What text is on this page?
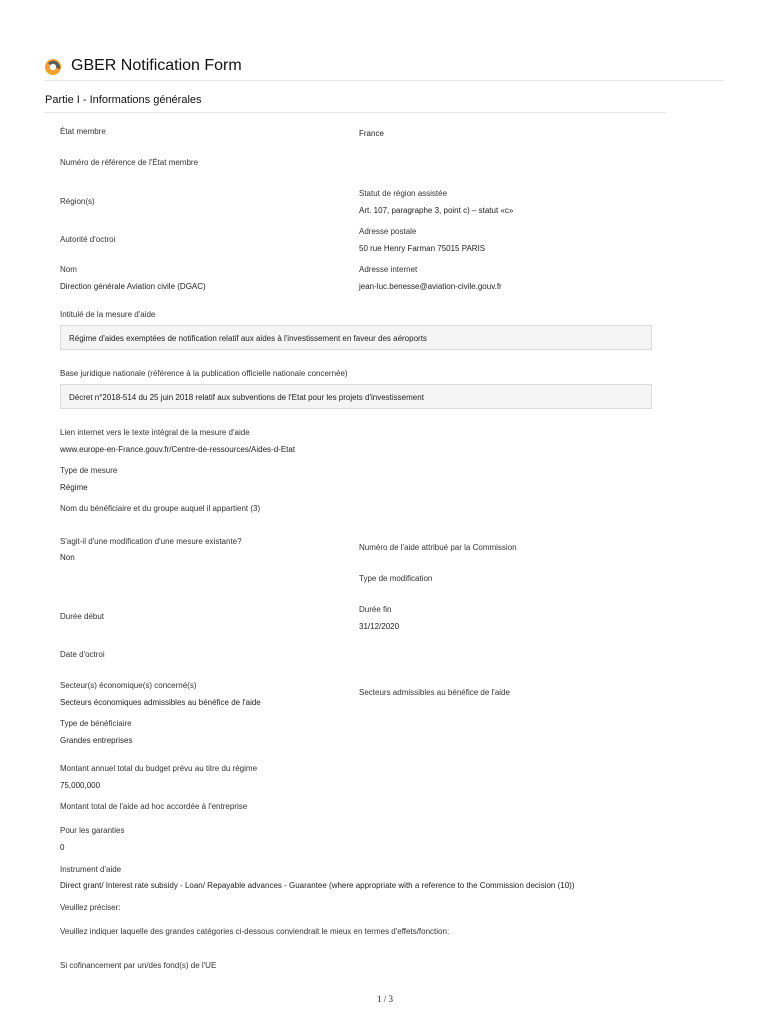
GBER Notification Form
Partie I - Informations générales
État membre	France
Numéro de référence de l'État membre
Région(s)
Statut de région assistée
Art. 107, paragraphe 3, point c) – statut «c»
Autorité d'octroi
Adresse postale
50 rue Henry Farman 75015 PARIS
Nom
Direction générale Aviation civile (DGAC)
Adresse internet
jean-luc.benesse@aviation-civile.gouv.fr
Intitulé de la mesure d'aide
Régime d'aides exemptées de notification relatif aux aides à l'investissement en faveur des aéroports
Base juridique nationale (référence à la publication officielle nationale concernée)
Décret n°2018-514 du 25 juin 2018 relatif aux subventions de l'Etat pour les projets d'investissement
Lien internet vers le texte intégral de la mesure d'aide
www.europe-en-France.gouv.fr/Centre-de-ressources/Aides-d-Etat
Type de mesure
Régime
Nom du bénéficiaire et du groupe auquel il appartient (3)
S'agit-il d'une modification d'une mesure existante?
Non
Numéro de l'aide attribué par la Commission
Type de modification
Durée début
Durée fin
31/12/2020
Date d'octroi
Secteur(s) économique(s) concerné(s)
Secteurs économiques admissibles au bénéfice de l'aide
Secteurs admissibles au bénéfice de l'aide
Type de bénéficiaire
Grandes entreprises
Montant annuel total du budget prévu au titre du régime
75,000,000
Montant total de l'aide ad hoc accordée à l'entreprise
Pour les garanties
0
Instrument d'aide
Direct grant/ Interest rate subsidy - Loan/ Repayable advances - Guarantee (where appropriate with a reference to the Commission decision (10))
Veuillez préciser:
Veuillez indiquer laquelle des grandes catégories ci-dessous conviendrait le mieux en termes d'effets/fonction:
Si cofinancement par un/des fond(s) de l'UE
1 / 3
